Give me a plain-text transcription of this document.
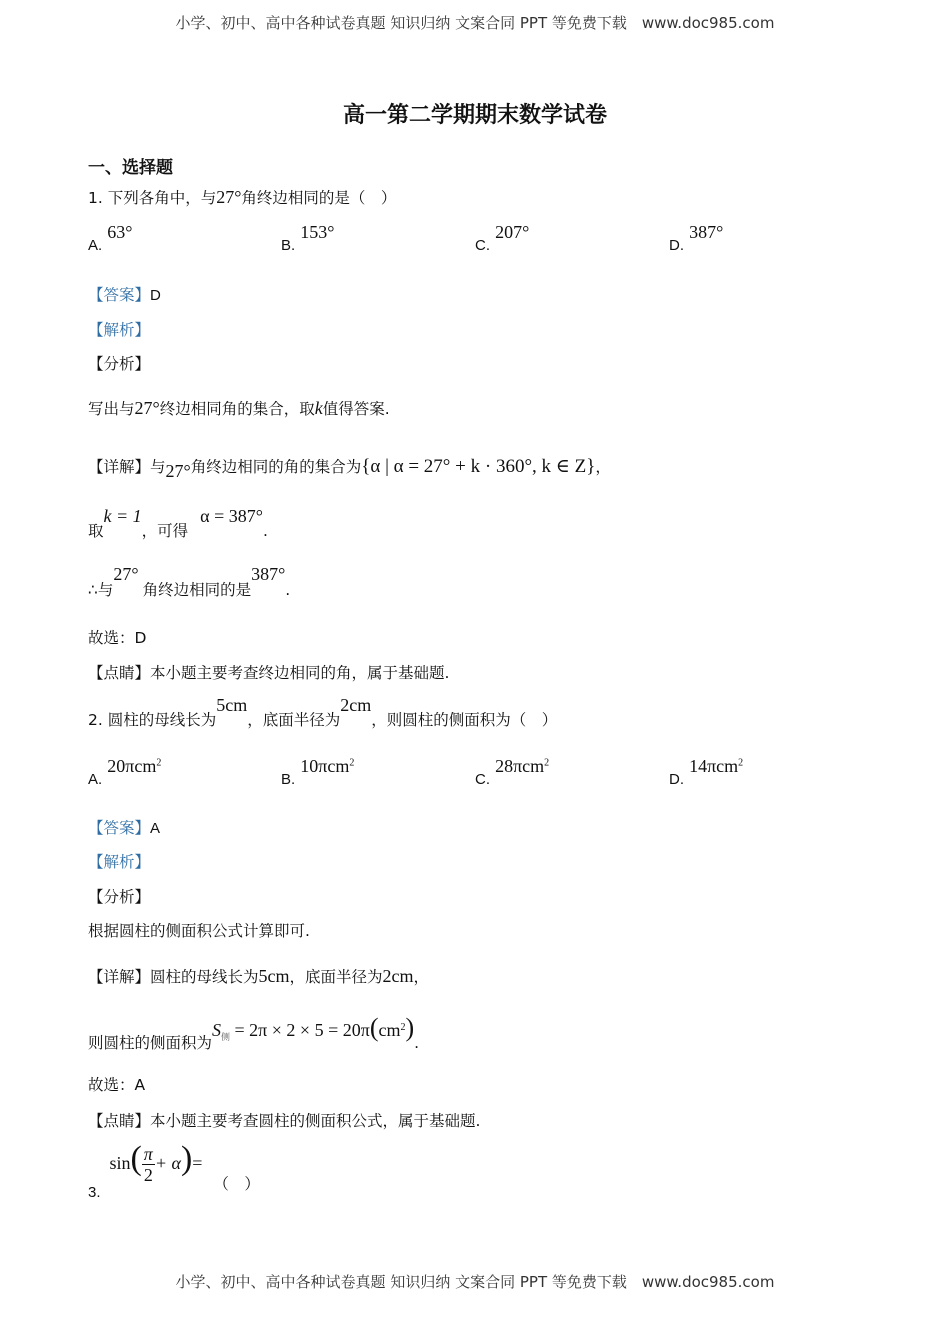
小学、初中、高中各种试卷真题 知识归纳 文案合同 PPT 等免费下载　www.doc985.com
高一第二学期期末数学试卷
一、选择题
1. 下列各角中，与27°角终边相同的是（　）
A. 63°
B. 153°
C. 207°
D. 387°
【答案】D
【解析】
【分析】
写出与27°终边相同角的集合，取k值得答案.
【详解】与27°角终边相同的角的集合为{α | α = 27° + k · 360°, k ∈ Z}，
取k = 1，可得α = 387°.
∴与27°角终边相同的是387°.
故选：D
【点睛】本小题主要考查终边相同的角，属于基础题.
2. 圆柱的母线长为5cm，底面半径为2cm，则圆柱的侧面积为（　）
A. 20πcm$^2$
B. 10πcm$^2$
C. 28πcm$^2$
D. 14πcm$^2$
【答案】A
【解析】
【分析】
根据圆柱的侧面积公式计算即可.
【详解】圆柱的母线长为5cm，底面半径为2cm，
则圆柱的侧面积为$S_侧 = 2\pi \times 2 \times 5 = 20\pi(cm^2)$.
故选：A
【点睛】本小题主要考查圆柱的侧面积公式，属于基础题.
3. $\sin( \frac{\pi}{2} + \alpha)=$ （　）
小学、初中、高中各种试卷真题 知识归纳 文案合同 PPT 等免费下载　www.doc985.com
